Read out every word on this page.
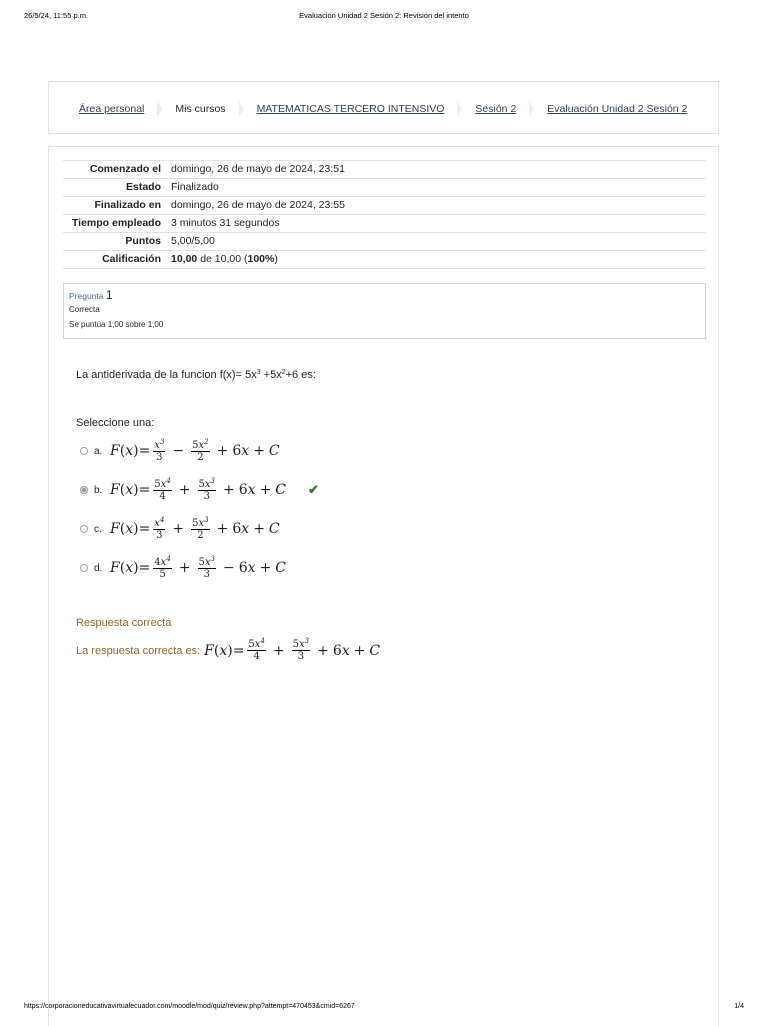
26/5/24, 11:55 p.m.	Evaluación Unidad 2 Sesión 2: Revisión del intento
Área personal	Mis cursos	MATEMATICAS TERCERO INTENSIVO	Sesión 2	Evaluación Unidad 2 Sesión 2
Comenzado el	domingo, 26 de mayo de 2024, 23:51
Estado	Finalizado
Finalizado en	domingo, 26 de mayo de 2024, 23:55
Tiempo empleado	3 minutos 31 segundos
Puntos	5,00/5,00
Calificación	10,00 de 10,00 (100%)
Pregunta 1
Correcta
Se puntúa 1,00 sobre 1,00
La antiderivada de la funcion $f(x)= 5x^3 +5x^2+6$ es:
Seleccione una:
a. F ( x ) = $\frac{x^3}{3} - \frac{5x^2}{2} + 6$ x + C
b. F ( x ) = $\frac{5x^4}{4} + \frac{5x^3}{3} + 6$ x + C ✔
c. F ( x ) = $\frac{x^4}{3} + \frac{5x^3}{2} + 6$ x + C
d. F ( x ) = $\frac{4x^4}{5} + \frac{5x^3}{3} - 6$ x + C
Respuesta correcta
La respuesta correcta es: F ( x ) = $\frac{5x^4}{4} + \frac{5x^3}{3} + 6$ x + C
https://corporacioneducativavirtualecuador.com/moodle/mod/quiz/review.php?attempt=470453&cmid=6267	1/4
